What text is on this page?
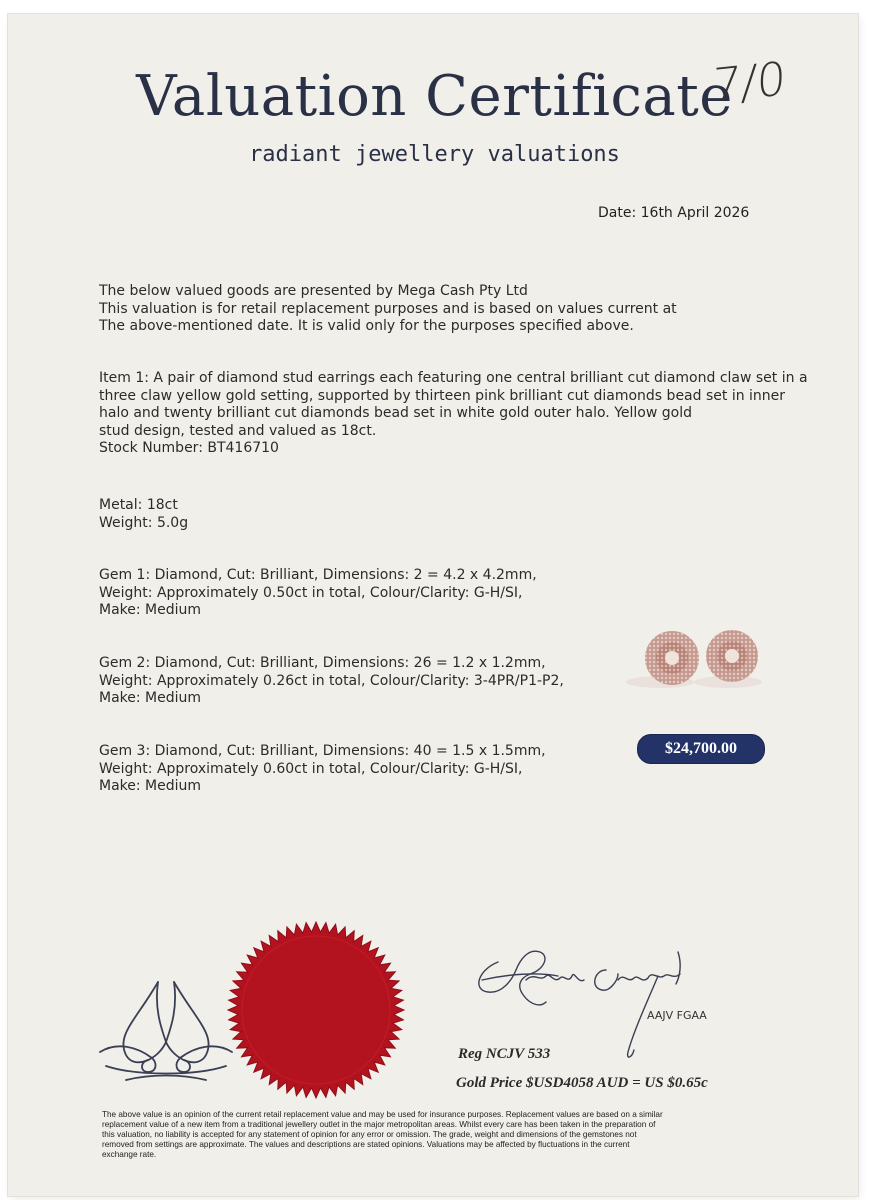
Valuation Certificate
7/0
radiant jewellery valuations
Date: 16th April 2026
The below valued goods are presented by Mega Cash Pty Ltd
This valuation is for retail replacement purposes and is based on values current at
The above-mentioned date. It is valid only for the purposes specified above.
Item 1: A pair of diamond stud earrings each featuring one central brilliant cut diamond claw set in a
three claw yellow gold setting, supported by thirteen pink brilliant cut diamonds bead set in inner
halo and twenty brilliant cut diamonds bead set in white gold outer halo. Yellow gold
stud design, tested and valued as 18ct.
Stock Number: BT416710
Metal: 18ct
Weight: 5.0g
Gem 1: Diamond, Cut: Brilliant, Dimensions: 2 = 4.2 x 4.2mm,
Weight: Approximately 0.50ct in total, Colour/Clarity: G-H/SI,
Make: Medium
Gem 2: Diamond, Cut: Brilliant, Dimensions: 26 = 1.2 x 1.2mm,
Weight: Approximately 0.26ct in total, Colour/Clarity: 3-4PR/P1-P2,
Make: Medium
Gem 3: Diamond, Cut: Brilliant, Dimensions: 40 = 1.5 x 1.5mm,
Weight: Approximately 0.60ct in total, Colour/Clarity: G-H/SI,
Make: Medium
$24,700.00
AAJV FGAA
Reg NCJV 533
Gold Price $USD4058 AUD = US $0.65c
The above value is an opinion of the current retail replacement value and may be used for insurance purposes. Replacement values are based on a similar
replacement value of a new item from a traditional jewellery outlet in the major metropolitan areas. Whilst every care has been taken in the preparation of
this valuation, no liability is accepted for any statement of opinion for any error or omission. The grade, weight and dimensions of the gemstones not
removed from settings are approximate. The values and descriptions are stated opinions. Valuations may be affected by fluctuations in the current
exchange rate.
